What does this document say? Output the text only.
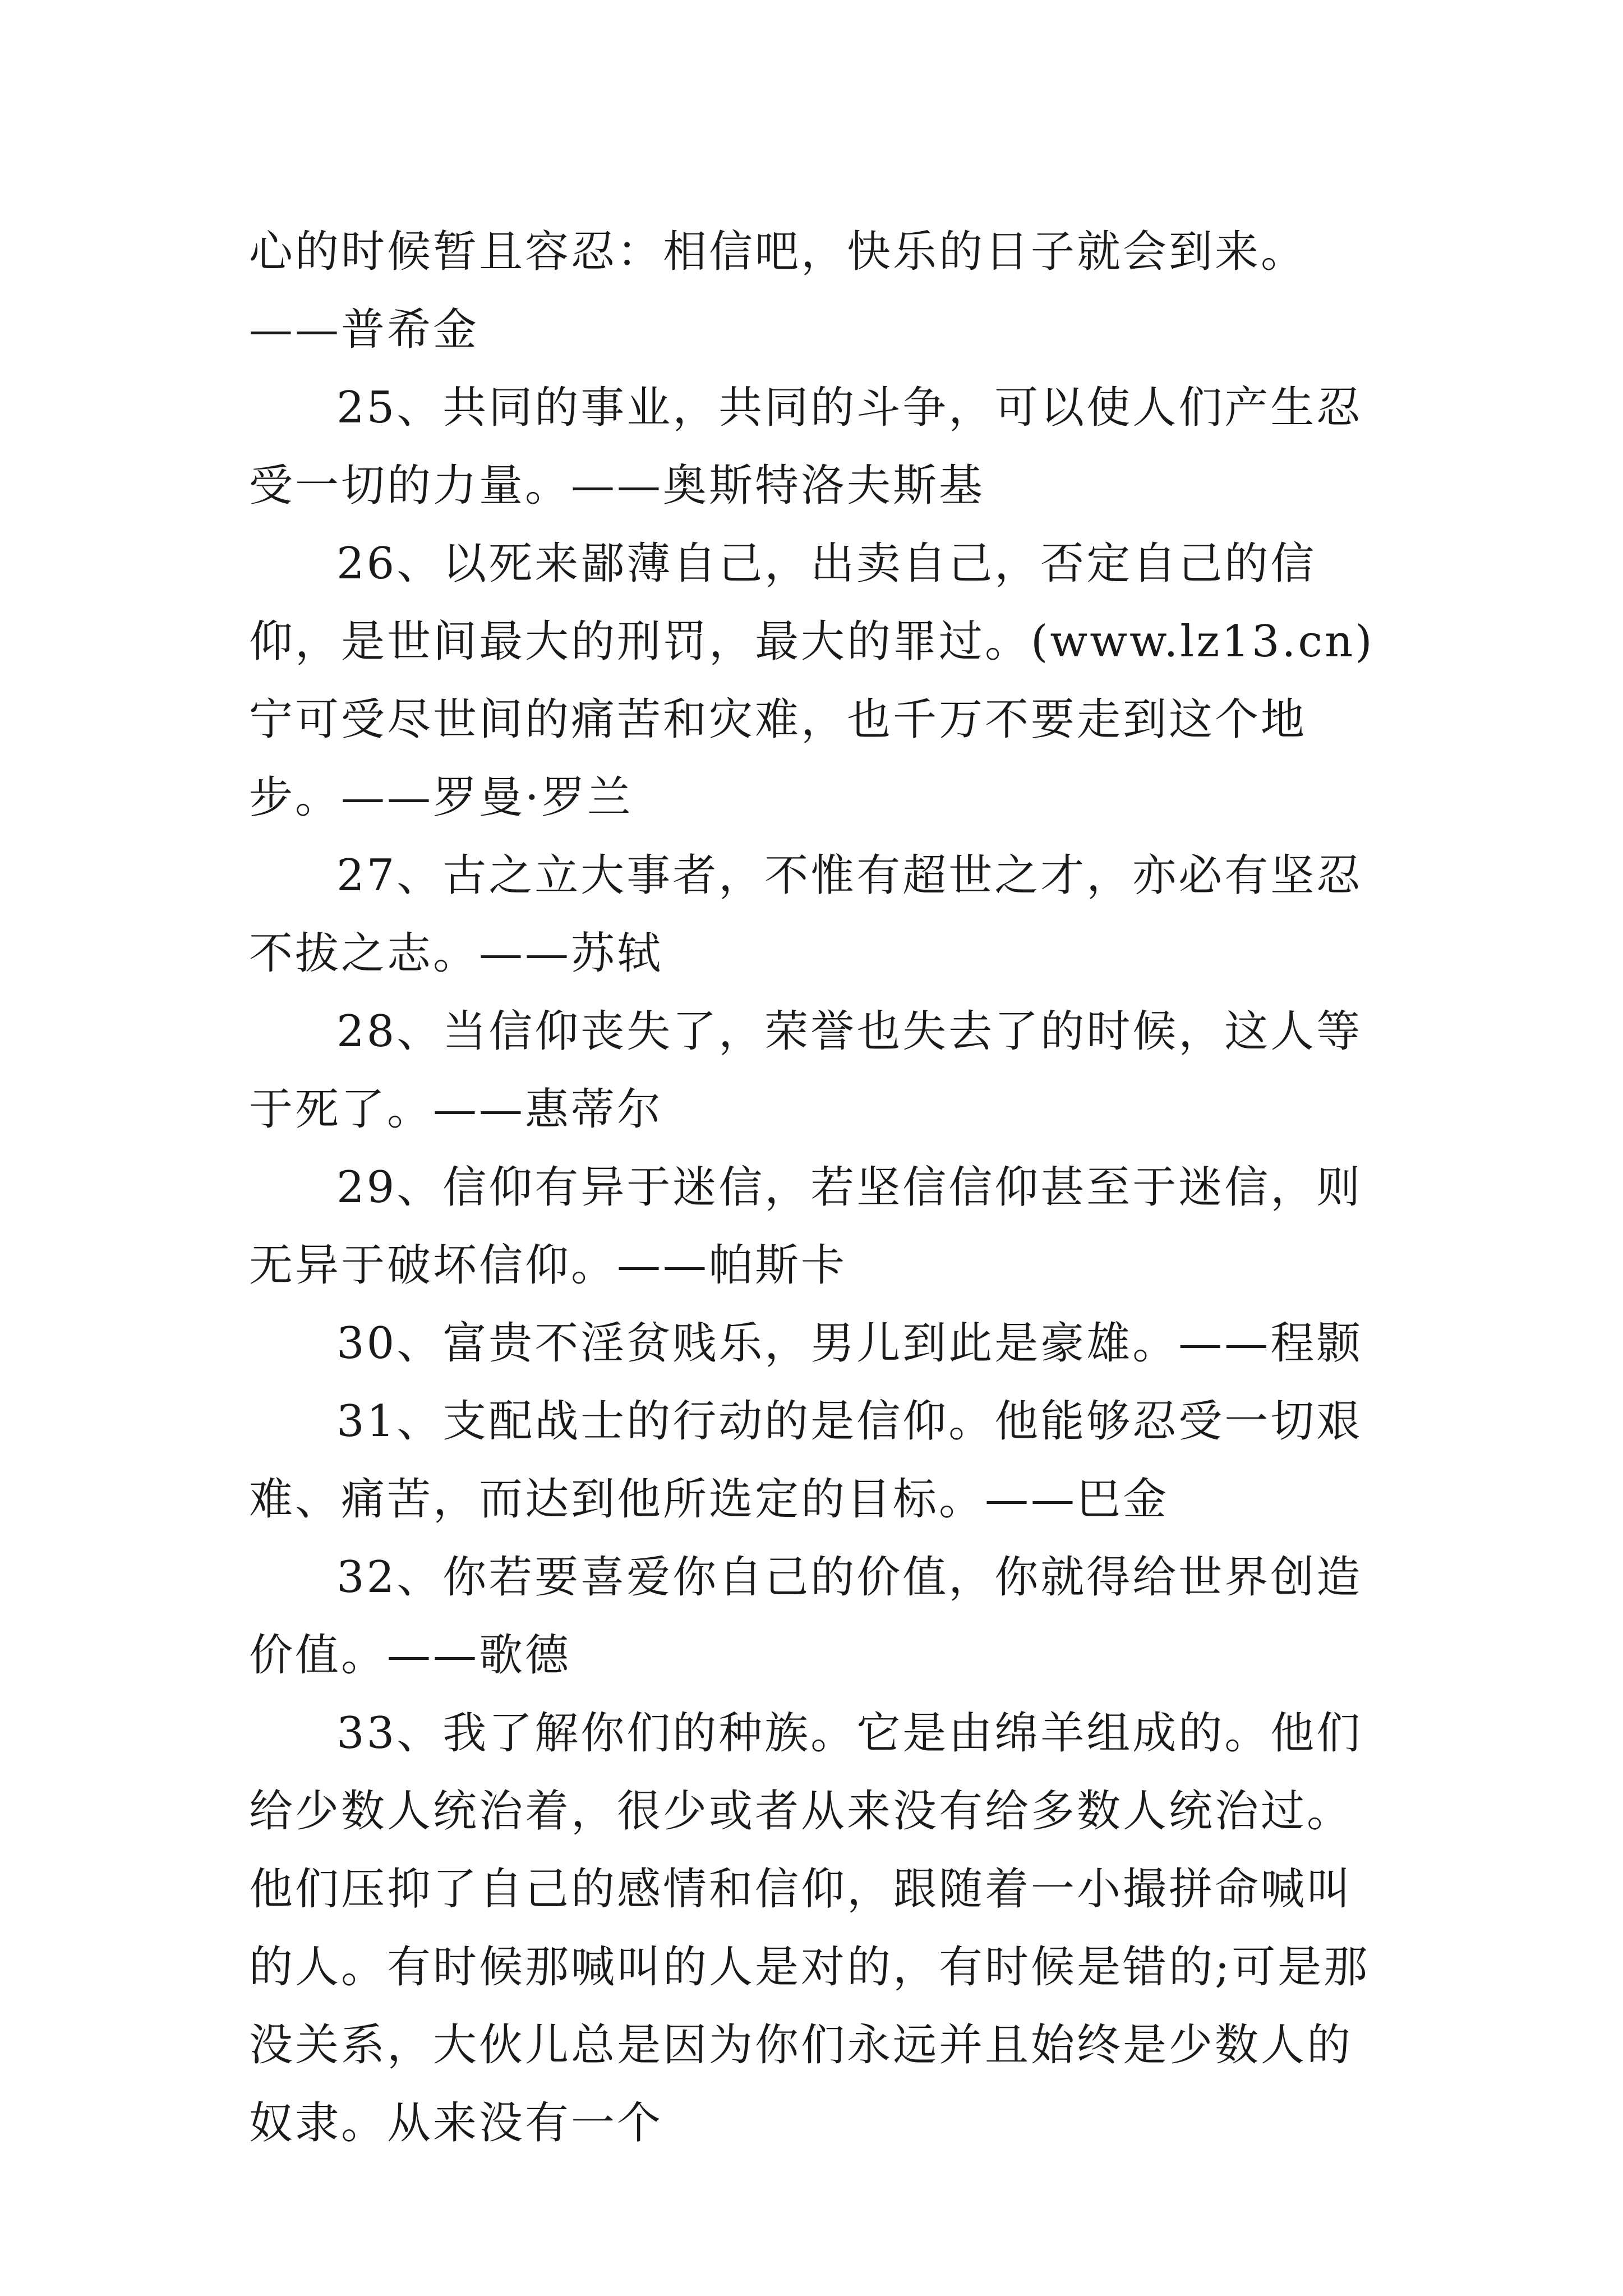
心的时候暂且容忍：相信吧，快乐的日子就会到来。——普希金

25、共同的事业，共同的斗争，可以使人们产生忍受一切的力量。——奥斯特洛夫斯基

26、以死来鄙薄自己，出卖自己，否定自己的信仰，是世间最大的刑罚，最大的罪过。(www.lz13.cn)宁可受尽世间的痛苦和灾难，也千万不要走到这个地步。——罗曼·罗兰

27、古之立大事者，不惟有超世之才，亦必有坚忍不拔之志。——苏轼

28、当信仰丧失了，荣誉也失去了的时候，这人等于死了。——惠蒂尔

29、信仰有异于迷信，若坚信信仰甚至于迷信，则无异于破坏信仰。——帕斯卡

30、富贵不淫贫贱乐，男儿到此是豪雄。——程颢

31、支配战士的行动的是信仰。他能够忍受一切艰难、痛苦，而达到他所选定的目标。——巴金

32、你若要喜爱你自己的价值，你就得给世界创造价值。——歌德

33、我了解你们的种族。它是由绵羊组成的。他们给少数人统治着，很少或者从来没有给多数人统治过。他们压抑了自己的感情和信仰，跟随着一小撮拼命喊叫的人。有时候那喊叫的人是对的，有时候是错的;可是那没关系，大伙儿总是因为你们永远并且始终是少数人的奴隶。从来没有一个
